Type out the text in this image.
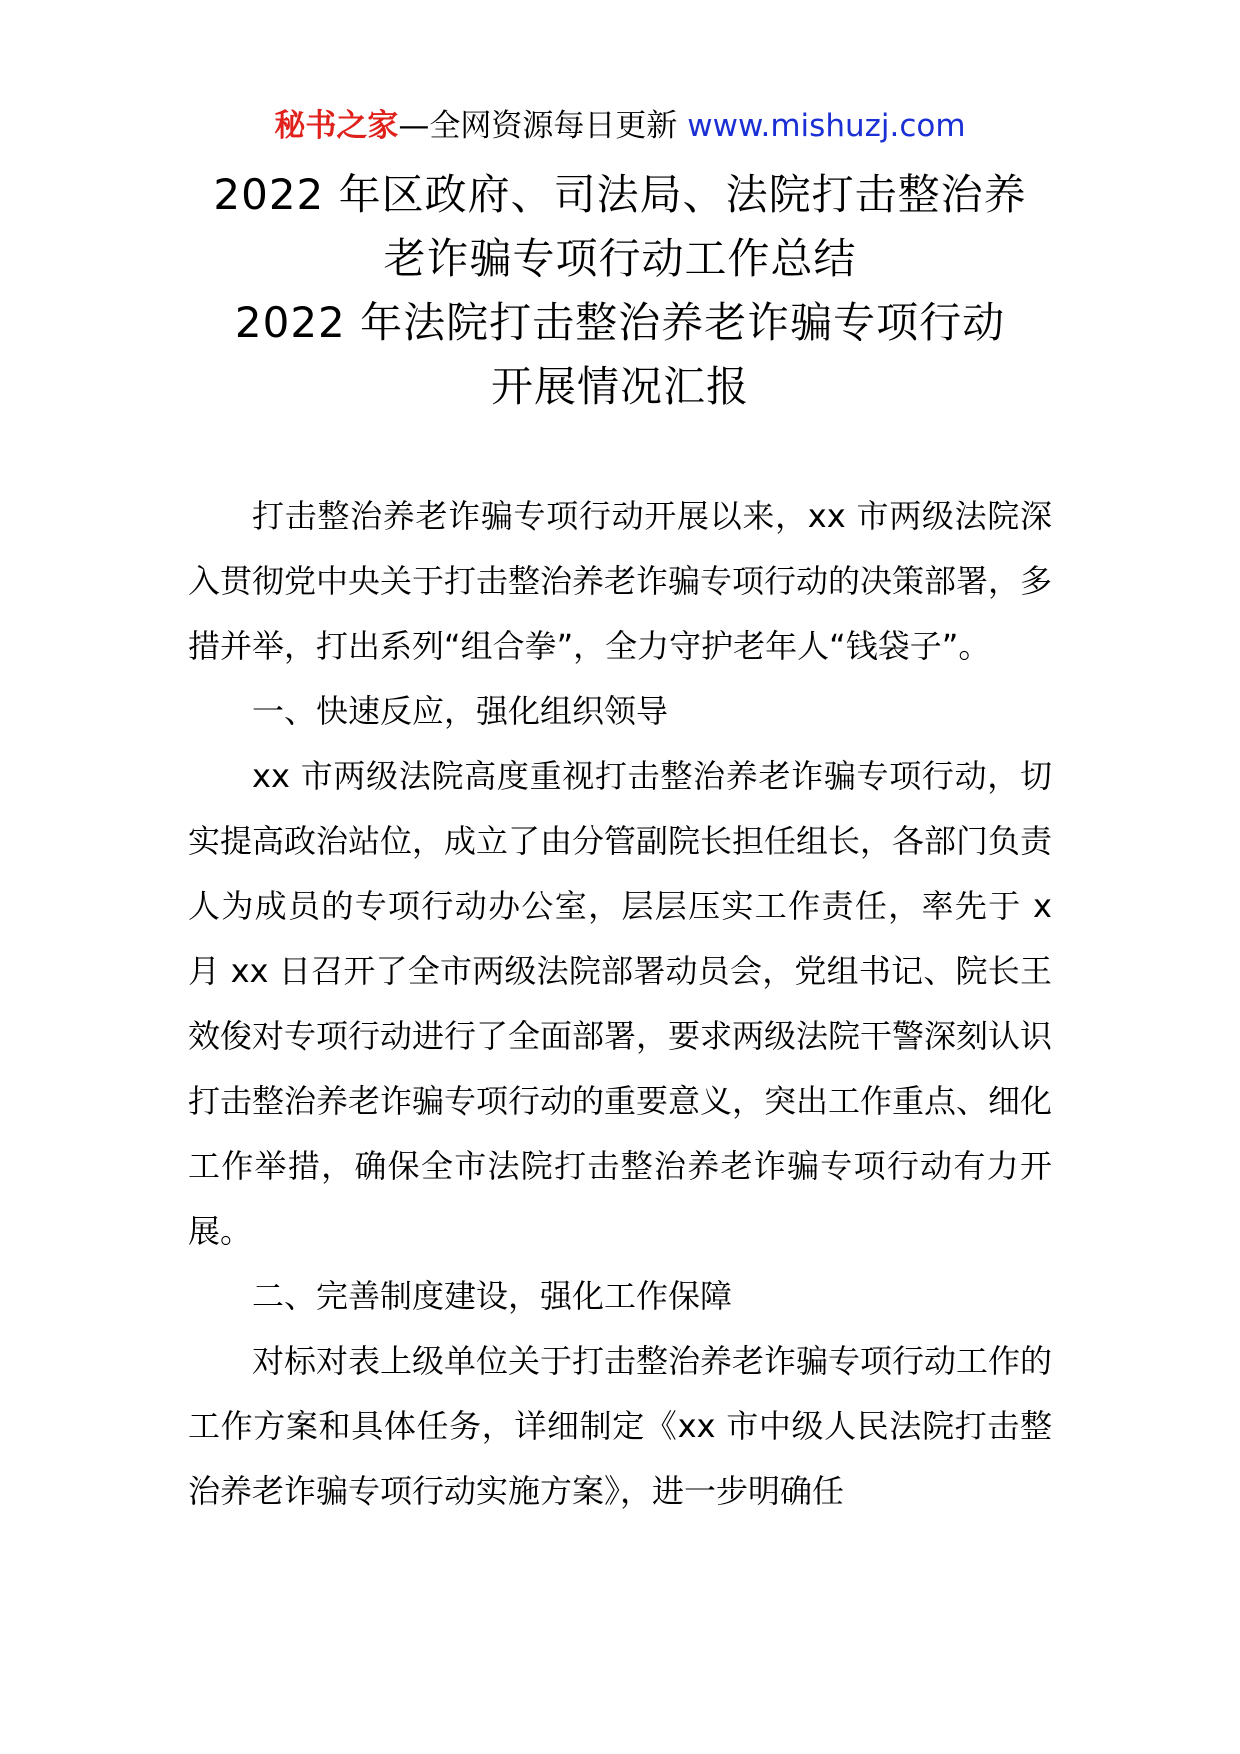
秘书之家—全网资源每日更新 www.mishuzj.com
2022 年区政府、司法局、法院打击整治养
老诈骗专项行动工作总结
2022 年法院打击整治养老诈骗专项行动
开展情况汇报

打击整治养老诈骗专项行动开展以来，xx 市两级法院深入贯彻党中央关于打击整治养老诈骗专项行动的决策部署，多措并举，打出系列“组合拳”，全力守护老年人“钱袋子”。

一、快速反应，强化组织领导

xx 市两级法院高度重视打击整治养老诈骗专项行动，切实提高政治站位，成立了由分管副院长担任组长，各部门负责人为成员的专项行动办公室，层层压实工作责任，率先于 x 月 xx 日召开了全市两级法院部署动员会，党组书记、院长王效俊对专项行动进行了全面部署，要求两级法院干警深刻认识打击整治养老诈骗专项行动的重要意义，突出工作重点、细化工作举措，确保全市法院打击整治养老诈骗专项行动有力开展。

二、完善制度建设，强化工作保障

对标对表上级单位关于打击整治养老诈骗专项行动工作的工作方案和具体任务，详细制定《xx 市中级人民法院打击整治养老诈骗专项行动实施方案》，进一步明确任
